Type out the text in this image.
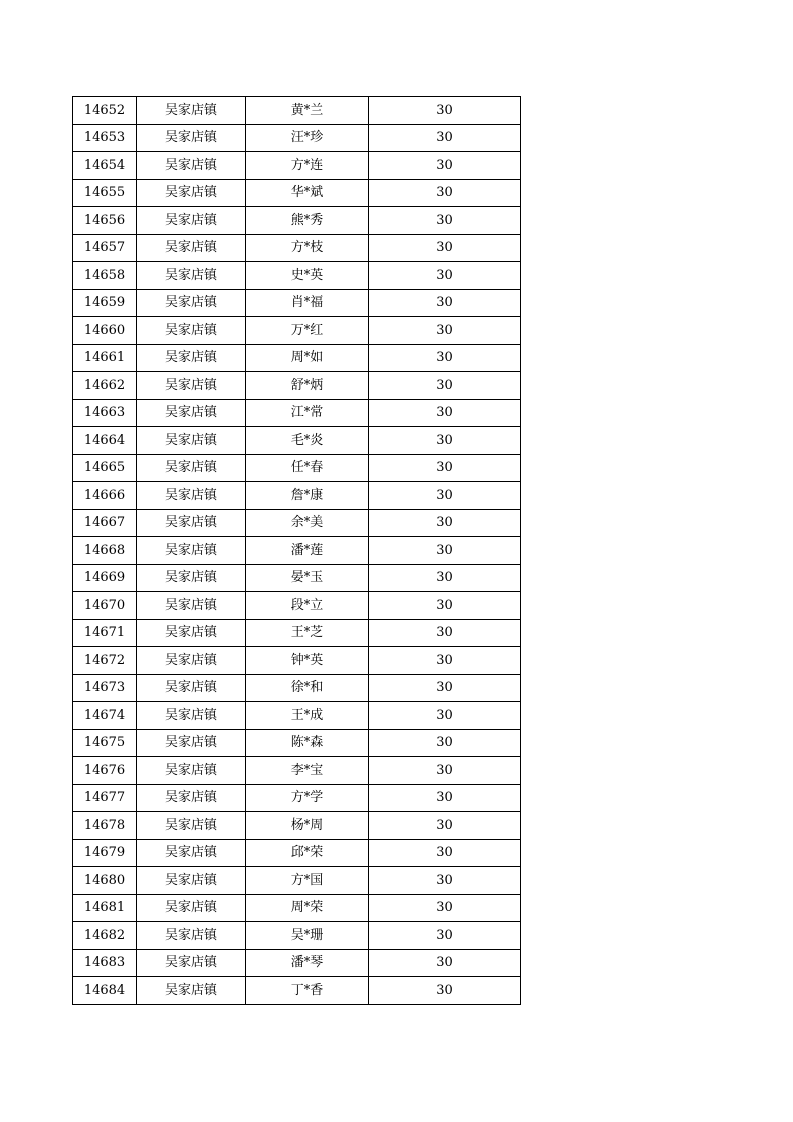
14652	吴家店镇	黄*兰	30
14653	吴家店镇	汪*珍	30
14654	吴家店镇	方*连	30
14655	吴家店镇	华*斌	30
14656	吴家店镇	熊*秀	30
14657	吴家店镇	方*枝	30
14658	吴家店镇	史*英	30
14659	吴家店镇	肖*福	30
14660	吴家店镇	万*红	30
14661	吴家店镇	周*如	30
14662	吴家店镇	舒*炳	30
14663	吴家店镇	江*常	30
14664	吴家店镇	毛*炎	30
14665	吴家店镇	任*春	30
14666	吴家店镇	詹*康	30
14667	吴家店镇	余*美	30
14668	吴家店镇	潘*莲	30
14669	吴家店镇	晏*玉	30
14670	吴家店镇	段*立	30
14671	吴家店镇	王*芝	30
14672	吴家店镇	钟*英	30
14673	吴家店镇	徐*和	30
14674	吴家店镇	王*成	30
14675	吴家店镇	陈*森	30
14676	吴家店镇	李*宝	30
14677	吴家店镇	方*学	30
14678	吴家店镇	杨*周	30
14679	吴家店镇	邱*荣	30
14680	吴家店镇	方*国	30
14681	吴家店镇	周*荣	30
14682	吴家店镇	吴*珊	30
14683	吴家店镇	潘*琴	30
14684	吴家店镇	丁*香	30
